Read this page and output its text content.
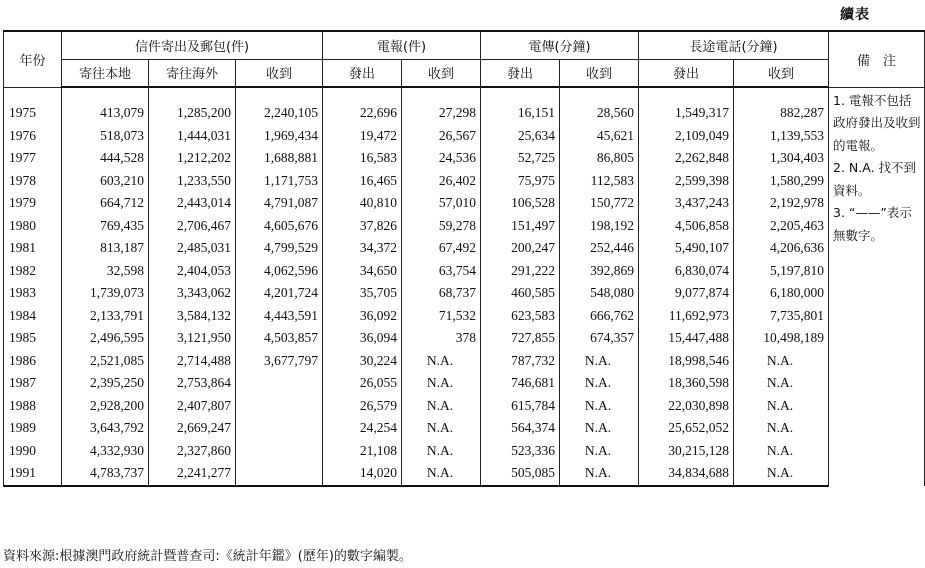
續表
年份	信件寄出及郵包(件)			電報(件)		電傳(分鐘)		長途電話(分鐘)		備　注
	寄往本地	寄往海外	收到	發出	收到	發出	收到	發出	收到	

										1. 電報不包括政府發出及收到的電報。
2. N.A. 找不到資料。
3. “——”表示無數字。

1975	413,079	1,285,200	2,240,105	22,696	27,298	16,151	28,560	1,549,317	882,287	
1976	518,073	1,444,031	1,969,434	19,472	26,567	25,634	45,621	2,109,049	1,139,553	
1977	444,528	1,212,202	1,688,881	16,583	24,536	52,725	86,805	2,262,848	1,304,403	
1978	603,210	1,233,550	1,171,753	16,465	26,402	75,975	112,583	2,599,398	1,580,299	
1979	664,712	2,443,014	4,791,087	40,810	57,010	106,528	150,772	3,437,243	2,192,978	
1980	769,435	2,706,467	4,605,676	37,826	59,278	151,497	198,192	4,506,858	2,205,463	
1981	813,187	2,485,031	4,799,529	34,372	67,492	200,247	252,446	5,490,107	4,206,636	
1982	32,598	2,404,053	4,062,596	34,650	63,754	291,222	392,869	6,830,074	5,197,810	
1983	1,739,073	3,343,062	4,201,724	35,705	68,737	460,585	548,080	9,077,874	6,180,000	
1984	2,133,791	3,584,132	4,443,591	36,092	71,532	623,583	666,762	11,692,973	7,735,801	
1985	2,496,595	3,121,950	4,503,857	36,094	378	727,855	674,357	15,447,488	10,498,189	
1986	2,521,085	2,714,488	3,677,797	30,224	N.A.	787,732	N.A.	18,998,546	N.A.	
1987	2,395,250	2,753,864		26,055	N.A.	746,681	N.A.	18,360,598	N.A.	
1988	2,928,200	2,407,807		26,579	N.A.	615,784	N.A.	22,030,898	N.A.	
1989	3,643,792	2,669,247		24,254	N.A.	564,374	N.A.	25,652,052	N.A.	
1990	4,332,930	2,327,860		21,108	N.A.	523,336	N.A.	30,215,128	N.A.	
1991	4,783,737	2,241,277		14,020	N.A.	505,085	N.A.	34,834,688	N.A.	
資料來源:根據澳門政府統計暨普查司:《統計年鑑》(歷年)的數字編製。
